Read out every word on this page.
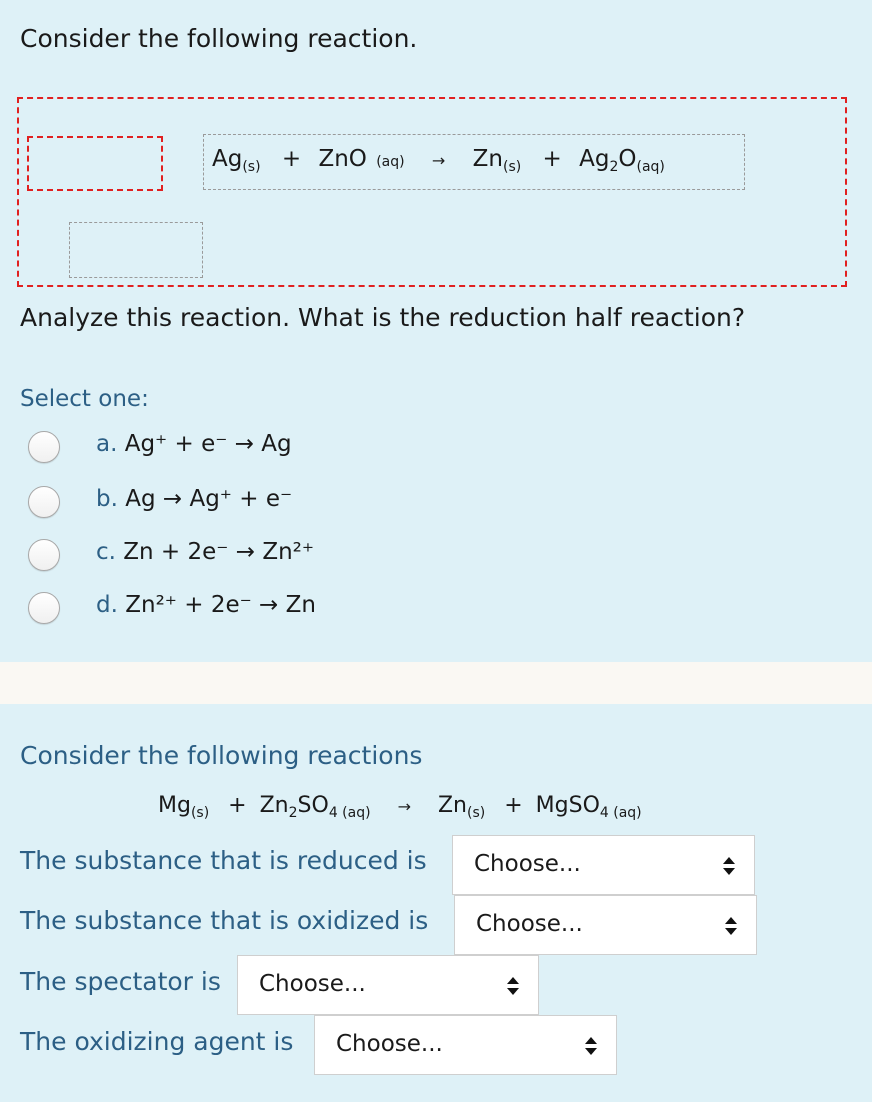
Consider the following reaction.
$Ag_{(s)}$ + ZnO $(aq) \to Zn_{(s)} + Ag_2O_{(aq)}$
Analyze this reaction. What is the reduction half reaction?
Select one:
a. Ag⁺ + e⁻ → Ag
b. Ag → Ag⁺ + e⁻
c. Zn + 2e⁻ → Zn²⁺
d. Zn²⁺ + 2e⁻ → Zn
Consider the following reactions
$Mg_{(s)} + Zn_2SO_{4 (aq)} \to Zn_{(s)}$ + MgSO$_{4 (aq)}$
The substance that is reduced is Choose...
The substance that is oxidized is Choose...
The spectator is Choose...
The oxidizing agent is Choose...
